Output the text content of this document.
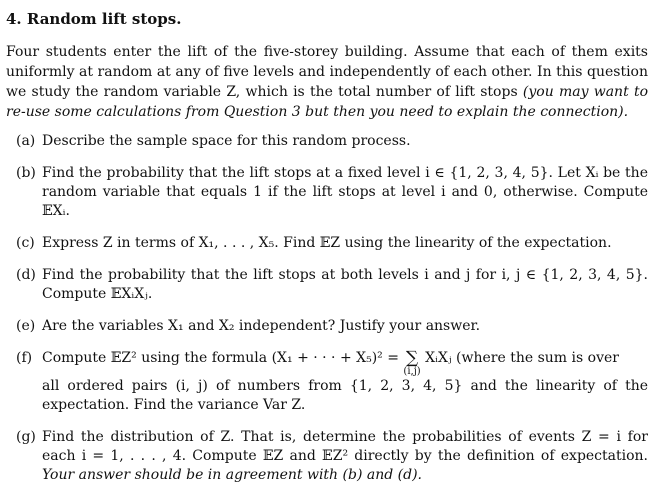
4. Random lift stops.

Four students enter the lift of the five-storey building. Assume that each of them exits uniformly at random at any of five levels and independently of each other. In this question we study the random variable Z, which is the total number of lift stops (you may want to re-use some calculations from Question 3 but then you need to explain the connection).

(a) Describe the sample space for this random process.
(b) Find the probability that the lift stops at a fixed level i ∈ {1, 2, 3, 4, 5}. Let Xᵢ be the random variable that equals 1 if the lift stops at level i and 0, otherwise. Compute 𝔼Xᵢ.
(c) Express Z in terms of X₁, . . . , X₅. Find 𝔼Z using the linearity of the expectation.
(d) Find the probability that the lift stops at both levels i and j for i, j ∈ {1, 2, 3, 4, 5}. Compute 𝔼XᵢXⱼ.
(e) Are the variables X₁ and X₂ independent? Justify your answer.
(f) Compute 𝔼Z² using the formula (X₁ + · · · + X₅)² = ∑
(i,j)
XᵢXⱼ (where the sum is over
all ordered pairs (i, j) of numbers from {1, 2, 3, 4, 5} and the linearity of the expectation. Find the variance Var Z.
(g) Find the distribution of Z. That is, determine the probabilities of events Z = i for each i = 1, . . . , 4. Compute 𝔼Z and 𝔼Z² directly by the definition of expectation. Your answer should be in agreement with (b) and (d).
